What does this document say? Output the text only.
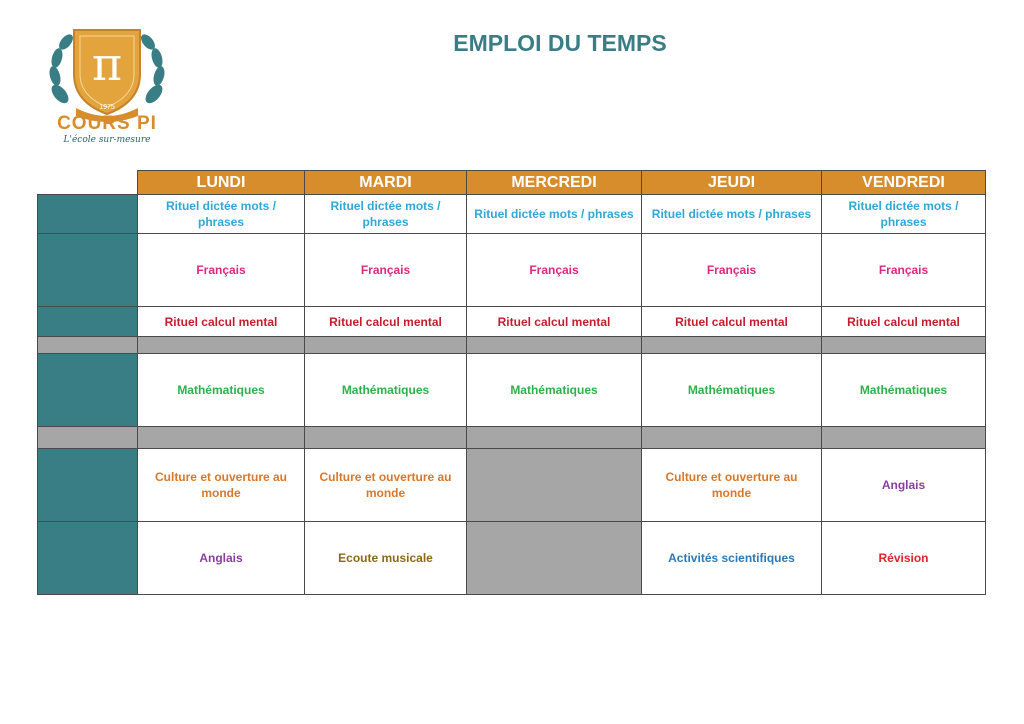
π
1975
COURS PI
L'école sur-mesure
EMPLOI DU TEMPS
	LUNDI	MARDI	MERCREDI	JEUDI	VENDREDI
	Rituel dictée mots / phrases	Rituel dictée mots / phrases	Rituel dictée mots / phrases	Rituel dictée mots / phrases	Rituel dictée mots / phrases
	Français	Français	Français	Français	Français
	Rituel calcul mental	Rituel calcul mental	Rituel calcul mental	Rituel calcul mental	Rituel calcul mental

	Mathématiques	Mathématiques	Mathématiques	Mathématiques	Mathématiques

	Culture et ouverture au monde	Culture et ouverture au monde		Culture et ouverture au monde	Anglais
	Anglais	Ecoute musicale		Activités scientifiques	Révision
